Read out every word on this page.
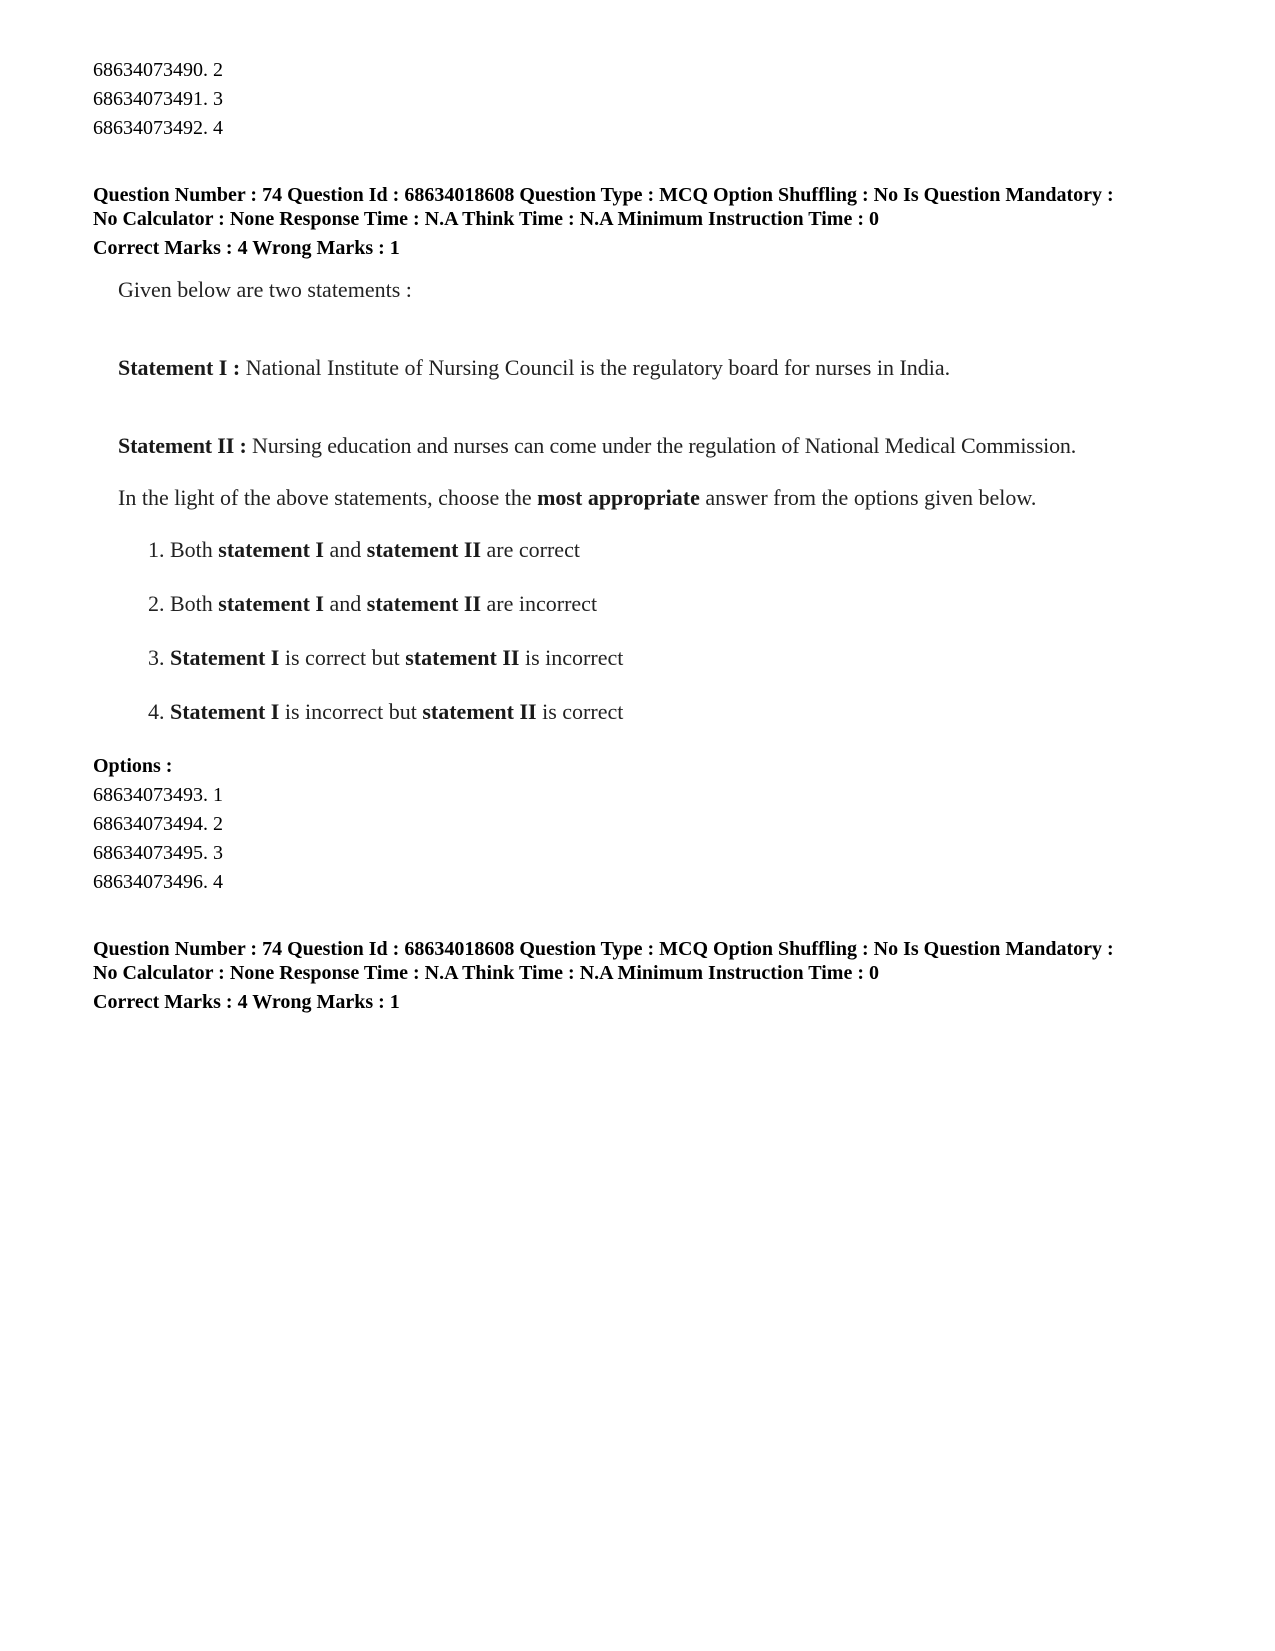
68634073490. 2
68634073491. 3
68634073492. 4
Question Number : 74 Question Id : 68634018608 Question Type : MCQ Option Shuffling : No Is Question Mandatory :
No Calculator : None Response Time : N.A Think Time : N.A Minimum Instruction Time : 0
Correct Marks : 4 Wrong Marks : 1
Given below are two statements :
Statement I : National Institute of Nursing Council is the regulatory board for nurses in India.
Statement II : Nursing education and nurses can come under the regulation of National Medical Commission.
In the light of the above statements, choose the most appropriate answer from the options given below.
1. Both statement I and statement II are correct
2. Both statement I and statement II are incorrect
3. Statement I is correct but statement II is incorrect
4. Statement I is incorrect but statement II is correct
Options :
68634073493. 1
68634073494. 2
68634073495. 3
68634073496. 4
Question Number : 74 Question Id : 68634018608 Question Type : MCQ Option Shuffling : No Is Question Mandatory :
No Calculator : None Response Time : N.A Think Time : N.A Minimum Instruction Time : 0
Correct Marks : 4 Wrong Marks : 1
